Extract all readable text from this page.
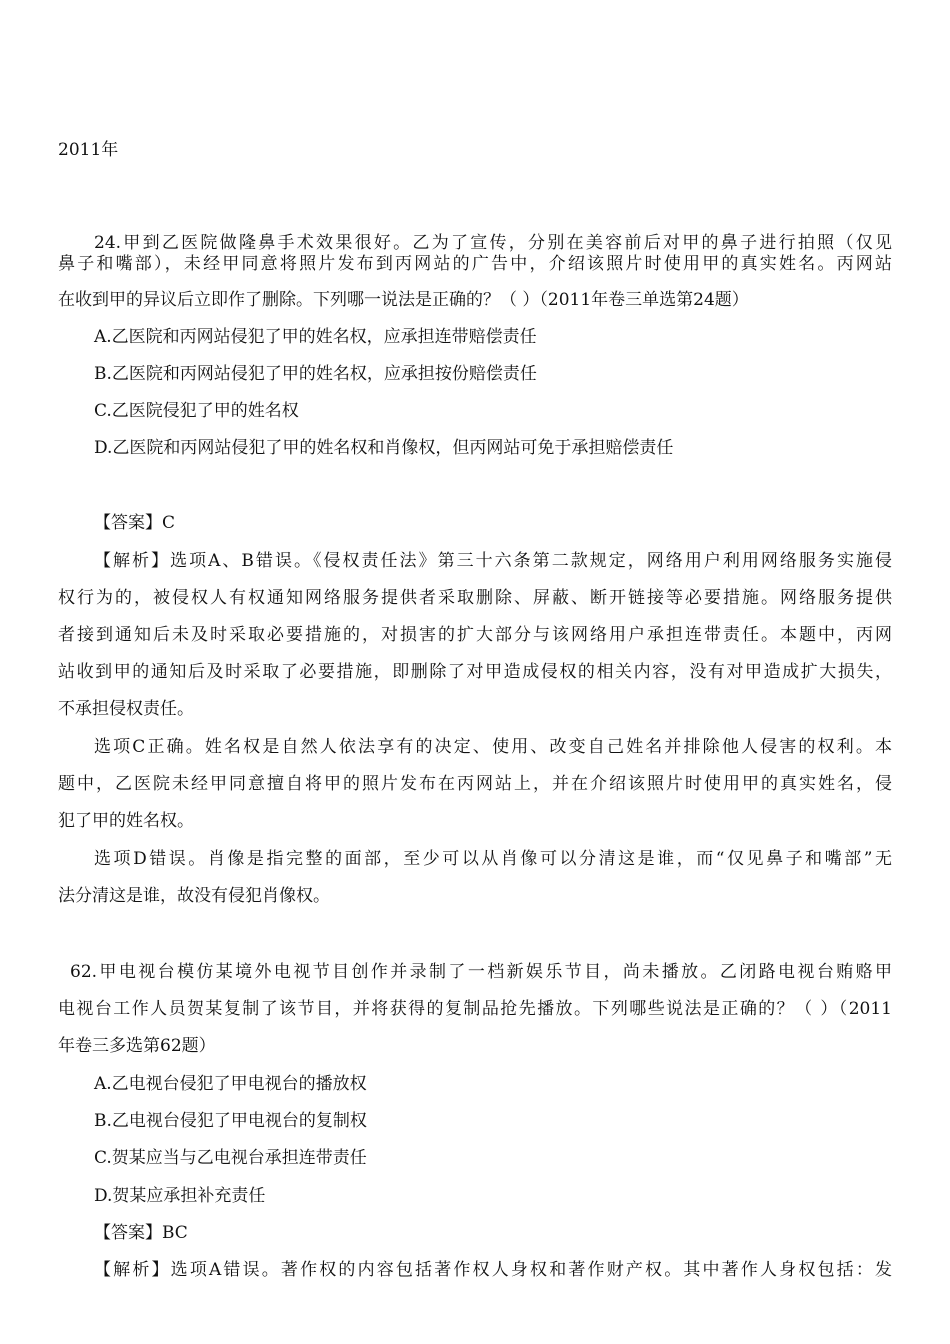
2011年
24.甲到乙医院做隆鼻手术效果很好。乙为了宣传，分别在美容前后对甲的鼻子进行拍照（仅见
鼻子和嘴部），未经甲同意将照片发布到丙网站的广告中，介绍该照片时使用甲的真实姓名。丙网站
在收到甲的异议后立即作了删除。下列哪一说法是正确的？（ ）（2011年卷三单选第24题）
A.乙医院和丙网站侵犯了甲的姓名权，应承担连带赔偿责任
B.乙医院和丙网站侵犯了甲的姓名权，应承担按份赔偿责任
C.乙医院侵犯了甲的姓名权
D.乙医院和丙网站侵犯了甲的姓名权和肖像权，但丙网站可免于承担赔偿责任
【答案】C
【解析】选项A、B错误。《侵权责任法》第三十六条第二款规定，网络用户利用网络服务实施侵
权行为的，被侵权人有权通知网络服务提供者采取删除、屏蔽、断开链接等必要措施。网络服务提供
者接到通知后未及时采取必要措施的，对损害的扩大部分与该网络用户承担连带责任。本题中，丙网
站收到甲的通知后及时采取了必要措施，即删除了对甲造成侵权的相关内容，没有对甲造成扩大损失，
不承担侵权责任。
选项C正确。姓名权是自然人依法享有的决定、使用、改变自己姓名并排除他人侵害的权利。本
题中，乙医院未经甲同意擅自将甲的照片发布在丙网站上，并在介绍该照片时使用甲的真实姓名，侵
犯了甲的姓名权。
选项D错误。肖像是指完整的面部，至少可以从肖像可以分清这是谁，而“仅见鼻子和嘴部”无
法分清这是谁，故没有侵犯肖像权。
62.甲电视台模仿某境外电视节目创作并录制了一档新娱乐节目，尚未播放。乙闭路电视台贿赂甲
电视台工作人员贺某复制了该节目，并将获得的复制品抢先播放。下列哪些说法是正确的？（ ）（2011
年卷三多选第62题）
A.乙电视台侵犯了甲电视台的播放权
B.乙电视台侵犯了甲电视台的复制权
C.贺某应当与乙电视台承担连带责任
D.贺某应承担补充责任
【答案】BC
【解析】选项A错误。著作权的内容包括著作权人身权和著作财产权。其中著作人身权包括：发
